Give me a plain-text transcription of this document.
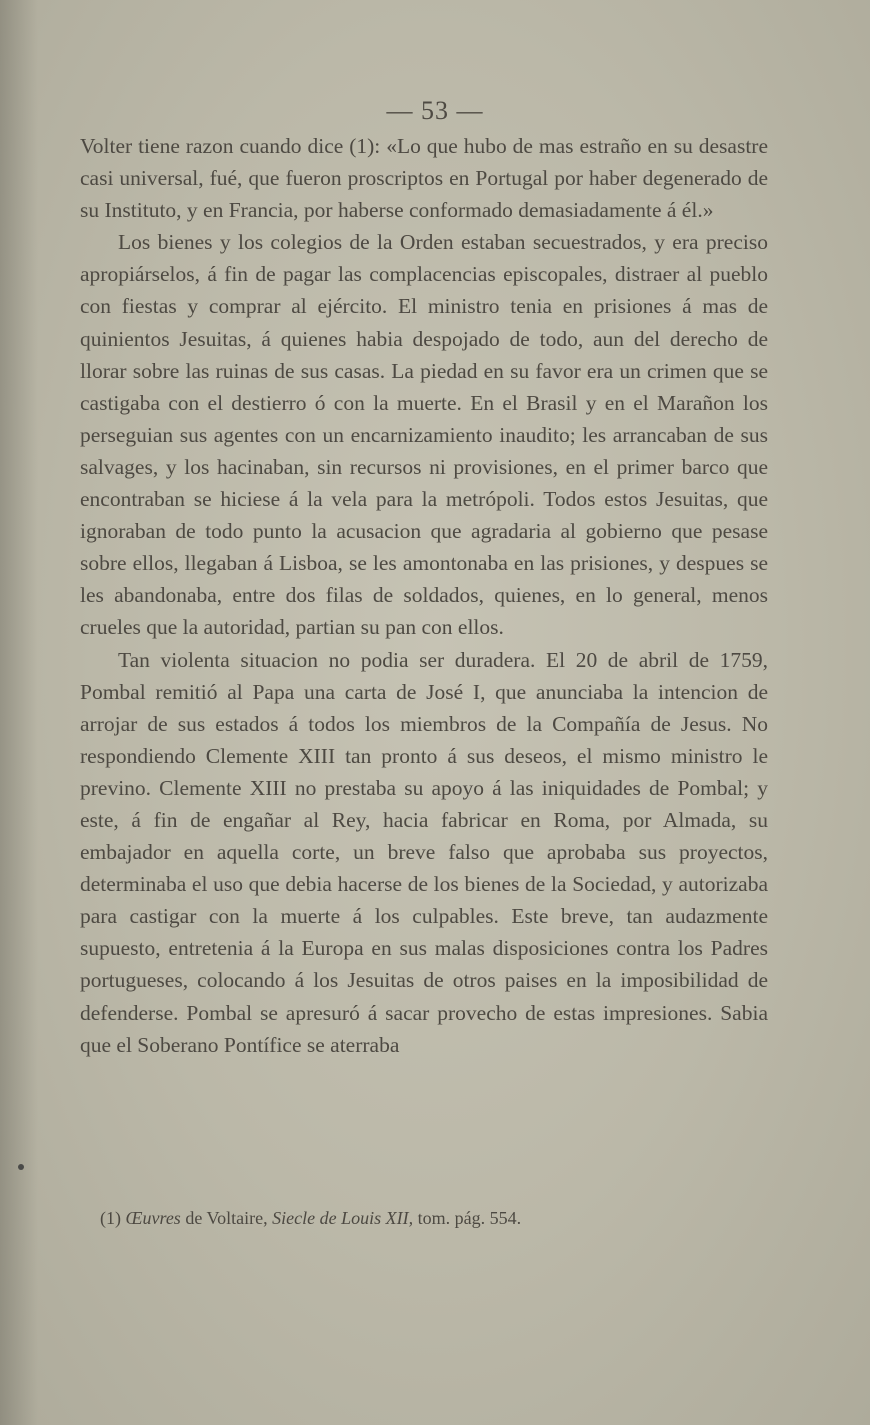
— 53 —

Volter tiene razon cuando dice (1): «Lo que hubo de mas estraño en su desastre casi universal, fué, que fueron proscriptos en Portugal por haber degenerado de su Instituto, y en Francia, por haberse conformado demasiadamente á él.»

Los bienes y los colegios de la Orden estaban secuestrados, y era preciso apropiárselos, á fin de pagar las complacencias episcopales, distraer al pueblo con fiestas y comprar al ejército. El ministro tenia en prisiones á mas de quinientos Jesuitas, á quienes habia despojado de todo, aun del derecho de llorar sobre las ruinas de sus casas. La piedad en su favor era un crimen que se castigaba con el destierro ó con la muerte. En el Brasil y en el Marañon los perseguian sus agentes con un encarnizamiento inaudito; les arrancaban de sus salvages, y los hacinaban, sin recursos ni provisiones, en el primer barco que encontraban se hiciese á la vela para la metrópoli. Todos estos Jesuitas, que ignoraban de todo punto la acusacion que agradaria al gobierno que pesase sobre ellos, llegaban á Lisboa, se les amontonaba en las prisiones, y despues se les abandonaba, entre dos filas de soldados, quienes, en lo general, menos crueles que la autoridad, partian su pan con ellos.

Tan violenta situacion no podia ser duradera. El 20 de abril de 1759, Pombal remitió al Papa una carta de José I, que anunciaba la intencion de arrojar de sus estados á todos los miembros de la Compañía de Jesus. No respondiendo Clemente XIII tan pronto á sus deseos, el mismo ministro le previno. Clemente XIII no prestaba su apoyo á las iniquidades de Pombal; y este, á fin de engañar al Rey, hacia fabricar en Roma, por Almada, su embajador en aquella corte, un breve falso que aprobaba sus proyectos, determinaba el uso que debia hacerse de los bienes de la Sociedad, y autorizaba para castigar con la muerte á los culpables. Este breve, tan audazmente supuesto, entretenia á la Europa en sus malas disposiciones contra los Padres portugueses, colocando á los Jesuitas de otros paises en la imposibilidad de defenderse. Pombal se apresuró á sacar provecho de estas impresiones. Sabia que el Soberano Pontífice se aterraba

(1) Œuvres de Voltaire, Siecle de Louis XII, tom. pág. 554.
